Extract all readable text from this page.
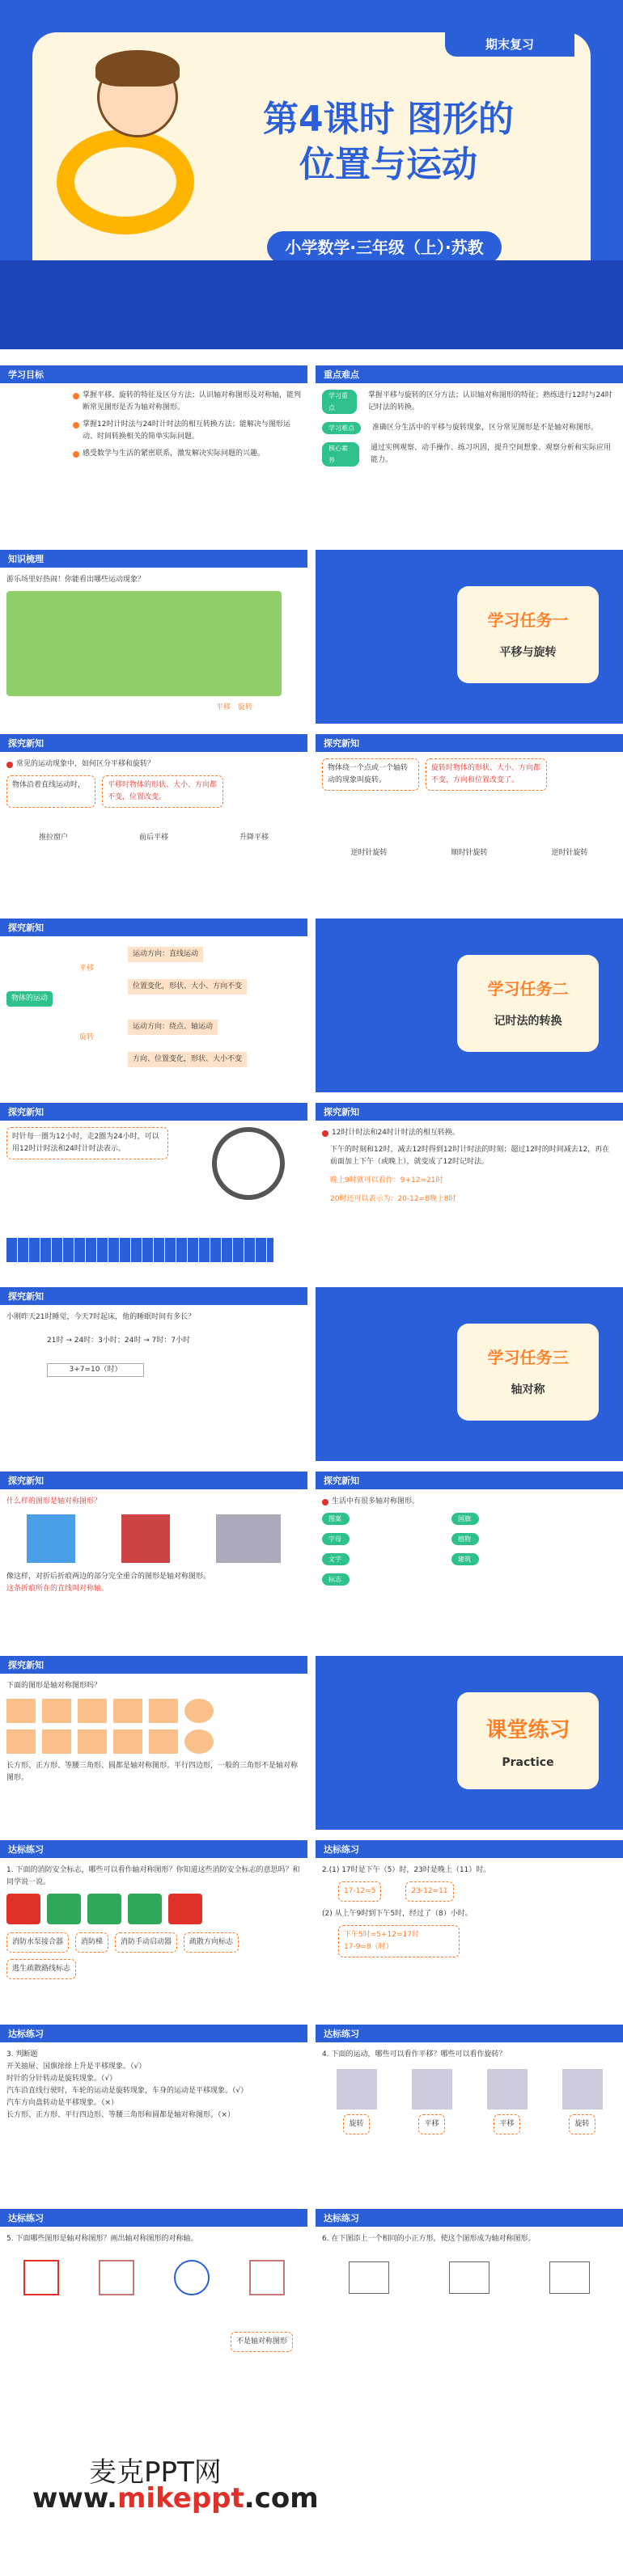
期末复习
第4课时 图形的
位置与运动
小学数学·三年级（上）·苏教
学习目标
掌握平移、旋转的特征及区分方法；认识轴对称图形及对称轴，能判断常见图形是否为轴对称图形。
掌握12时计时法与24时计时法的相互转换方法；能解决与图形运动、时间转换相关的简单实际问题。
感受数学与生活的紧密联系，激发解决实际问题的兴趣。
重点难点
学习重点
掌握平移与旋转的区分方法；认识轴对称图形的特征；熟练进行12时与24时记时法的转换。
学习难点	准确区分生活中的平移与旋转现象，区分常见图形是不是轴对称图形。
核心素养
通过实例观察、动手操作、练习巩固，提升空间想象、观察分析和实际应用能力。
知识梳理
游乐场里好热闹！你能看出哪些运动现象？
平移　 旋转
学习任务一
平移与旋转
探究新知
常见的运动现象中，如何区分平移和旋转？
物体沿着直线运动时，	平移时物体的形状、大小、方向都不变，位置改变。
推拉窗户	前后平移	升降平移
探究新知
物体绕一个点或一个轴转动的现象叫旋转。
旋转时物体的形状、大小、方向都不变，方向和位置改变了。
逆时针旋转	顺时针旋转	逆时针旋转
探究新知
物体的运动
平移
旋转
运动方向：直线运动
位置变化，形状、大小、方向不变
运动方向：绕点、轴运动
方向、位置变化，形状、大小不变
学习任务二
记时法的转换
探究新知
时针每一圈为12小时，走2圈为24小时，可以用12时计时法和24时计时法表示。
探究新知
12时计时法和24时计时法的相互转换。
下午的时刻和12时，减去12时得到12时计时法的时刻；超过12时的时间减去12，再在前面加上下午（或晚上），就变成了12时记时法。
晚上9时就可以看作：9+12=21时
20时还可以表示为：20-12=8晚上8时
探究新知
小刚昨天21时睡觉，今天7时起床，他的睡眠时间有多长？
21时 → 24时：3小时；24时 → 7时：7小时
3+7=10（时）
学习任务三
轴对称
探究新知
什么样的图形是轴对称图形？
像这样，对折后折痕两边的部分完全重合的图形是轴对称图形。
这条折痕所在的直线叫对称轴。
探究新知
生活中有很多轴对称图形。
图案	国旗
字母	植物
文字	建筑
标志
探究新知
下面的图形是轴对称图形吗？
长方形、正方形、等腰三角形、圆都是轴对称图形。平行四边形，一般的三角形不是轴对称图形。
课堂练习
Practice
达标练习
1. 下面的消防安全标志，哪些可以看作轴对称图形？你知道这些消防安全标志的意思吗？和同学说一说。
消防水泵接合器	消防梯	消防手动启动器	疏散方向标志
逃生疏散路线标志
达标练习
2.(1) 17时是下午（5）时，23时是晚上（11）时。
17-12=5	23-12=11
(2) 从上午9时到下午5时，经过了（8）小时。
下午5时=5+12=17时
17-9=8（时）
达标练习
3. 判断题
开关抽屉、国旗徐徐上升是平移现象。（√）
时针的分针转动是旋转现象。（√）
汽车沿直线行驶时，车轮的运动是旋转现象，车身的运动是平移现象。（√）
汽车方向盘转动是平移现象。（×）
长方形、正方形、平行四边形、等腰三角形和圆都是轴对称图形。（×）
达标练习
4. 下面的运动，哪些可以看作平移？哪些可以看作旋转？
旋转	平移	平移	旋转
达标练习
5. 下面哪些图形是轴对称图形？画出轴对称图形的对称轴。
不是轴对称图形
达标练习
6. 在下图添上一个相同的小正方形，使这个图形成为轴对称图形。
麦克PPT网
www.mikeppt.com
